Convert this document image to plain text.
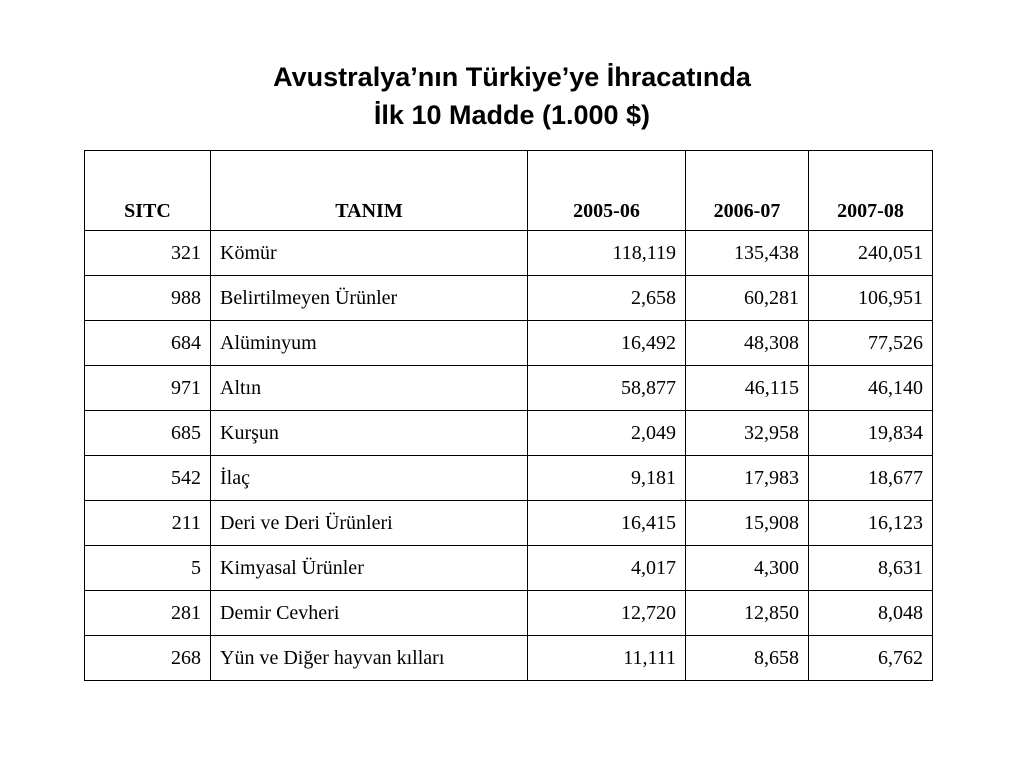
Avustralya’nın Türkiye’ye İhracatında
İlk 10 Madde (1.000 $)
SITC	TANIM	2005-06	2006-07	2007-08
321	Kömür	118,119	135,438	240,051
988	Belirtilmeyen Ürünler	2,658	60,281	106,951
684	Alüminyum	16,492	48,308	77,526
971	Altın	58,877	46,115	46,140
685	Kurşun	2,049	32,958	19,834
542	İlaç	9,181	17,983	18,677
211	Deri ve Deri Ürünleri	16,415	15,908	16,123
5	Kimyasal Ürünler	4,017	4,300	8,631
281	Demir Cevheri	12,720	12,850	8,048
268	Yün ve Diğer hayvan kılları	11,111	8,658	6,762
